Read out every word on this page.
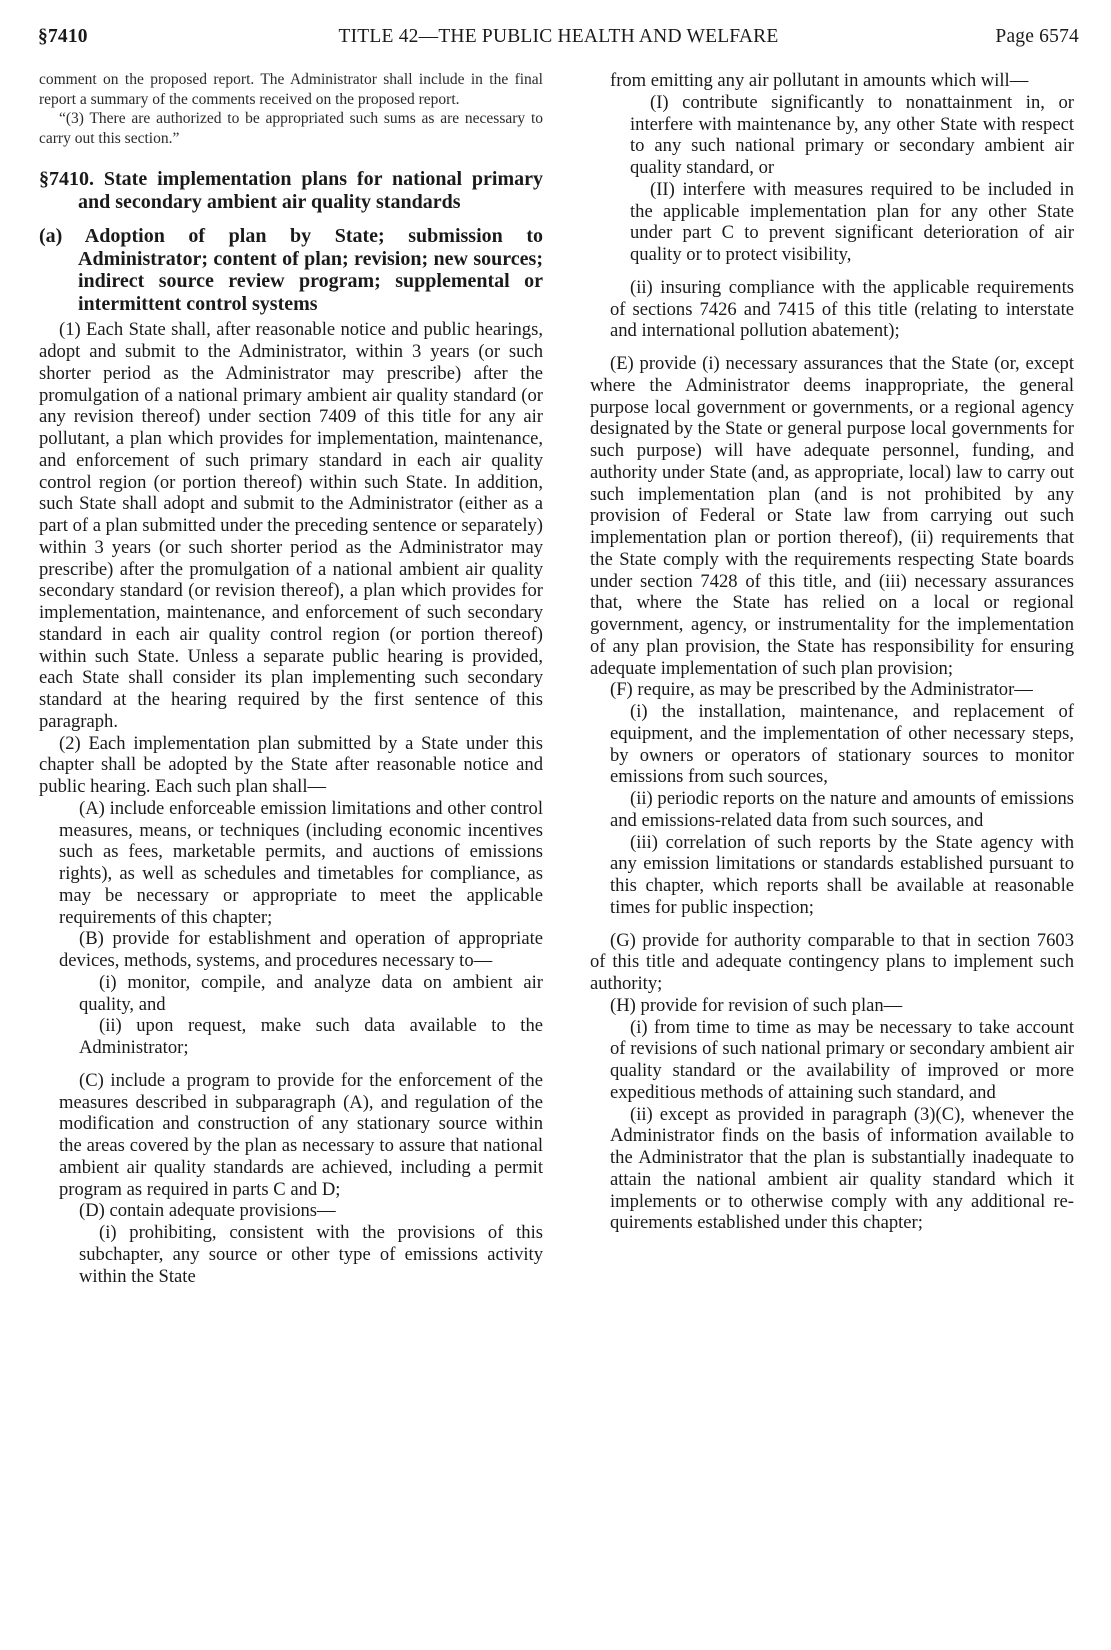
TITLE 42—THE PUBLIC HEALTH AND WELFARE
§7410	Page 6574

comment on the proposed report. The Administrator shall include in the final report a summary of the comments received on the proposed report.

“(3) There are authorized to be appropriated such sums as are necessary to carry out this section.”

§7410. State implementation plans for national primary and secondary ambient air quality standards

(a) Adoption of plan by State; submission to Administrator; content of plan; revision; new sources; indirect source review program; supplemental or intermittent control systems

(1) Each State shall, after reasonable notice and public hearings, adopt and submit to the Administrator, within 3 years (or such shorter period as the Administrator may prescribe) after the promulgation of a national primary ambient air quality standard (or any revision thereof) under section 7409 of this title for any air pollutant, a plan which provides for implementation, maintenance, and enforcement of such primary standard in each air quality control region (or portion thereof) within such State. In addition, such State shall adopt and submit to the Administrator (either as a part of a plan submitted under the preceding sentence or separately) within 3 years (or such shorter period as the Administrator may prescribe) after the promulgation of a national ambient air quality secondary standard (or revision thereof), a plan which provides for implementation, maintenance, and enforcement of such secondary standard in each air quality control region (or portion thereof) within such State. Unless a separate public hearing is provided, each State shall consider its plan implementing such secondary standard at the hearing required by the first sentence of this paragraph.

(2) Each implementation plan submitted by a State under this chapter shall be adopted by the State after reasonable notice and public hearing. Each such plan shall—

(A) include enforceable emission limitations and other control measures, means, or techniques (including economic incentives such as fees, marketable permits, and auctions of emissions rights), as well as schedules and timetables for compliance, as may be necessary or appropriate to meet the applicable requirements of this chapter;

(B) provide for establishment and operation of appropriate devices, methods, systems, and procedures necessary to—

(i) monitor, compile, and analyze data on ambient air quality, and

(ii) upon request, make such data available to the Administrator;

(C) include a program to provide for the enforcement of the measures described in subparagraph (A), and regulation of the modification and construction of any stationary source within the areas covered by the plan as necessary to assure that national ambient air quality standards are achieved, including a permit program as required in parts C and D;

(D) contain adequate provisions—

(i) prohibiting, consistent with the provisions of this subchapter, any source or other type of emissions activity within the State

from emitting any air pollutant in amounts which will—

(I) contribute significantly to nonattainment in, or interfere with maintenance by, any other State with respect to any such national primary or secondary ambient air quality standard, or

(II) interfere with measures required to be included in the applicable implementation plan for any other State under part C to prevent significant deterioration of air quality or to protect visibility,

(ii) insuring compliance with the applicable requirements of sections 7426 and 7415 of this title (relating to interstate and international pollution abatement);

(E) provide (i) necessary assurances that the State (or, except where the Administrator deems inappropriate, the general purpose local government or governments, or a regional agency designated by the State or general purpose local governments for such purpose) will have adequate personnel, funding, and authority under State (and, as appropriate, local) law to carry out such implementation plan (and is not prohibited by any provision of Federal or State law from carrying out such implementation plan or portion thereof), (ii) requirements that the State comply with the requirements respecting State boards under section 7428 of this title, and (iii) necessary assurances that, where the State has relied on a local or regional government, agency, or instrumentality for the implementation of any plan provision, the State has responsibility for ensuring adequate implementation of such plan provision;

(F) require, as may be prescribed by the Administrator—

(i) the installation, maintenance, and replacement of equipment, and the implementation of other necessary steps, by owners or operators of stationary sources to monitor emissions from such sources,

(ii) periodic reports on the nature and amounts of emissions and emissions-related data from such sources, and

(iii) correlation of such reports by the State agency with any emission limitations or standards established pursuant to this chapter, which reports shall be available at reasonable times for public inspection;

(G) provide for authority comparable to that in section 7603 of this title and adequate contingency plans to implement such authority;

(H) provide for revision of such plan—

(i) from time to time as may be necessary to take account of revisions of such national primary or secondary ambient air quality standard or the availability of improved or more expeditious methods of attaining such standard, and

(ii) except as provided in paragraph (3)(C), whenever the Administrator finds on the basis of information available to the Administrator that the plan is substantially inadequate to attain the national ambient air quality standard which it implements or to otherwise comply with any additional requirements established under this chapter;
